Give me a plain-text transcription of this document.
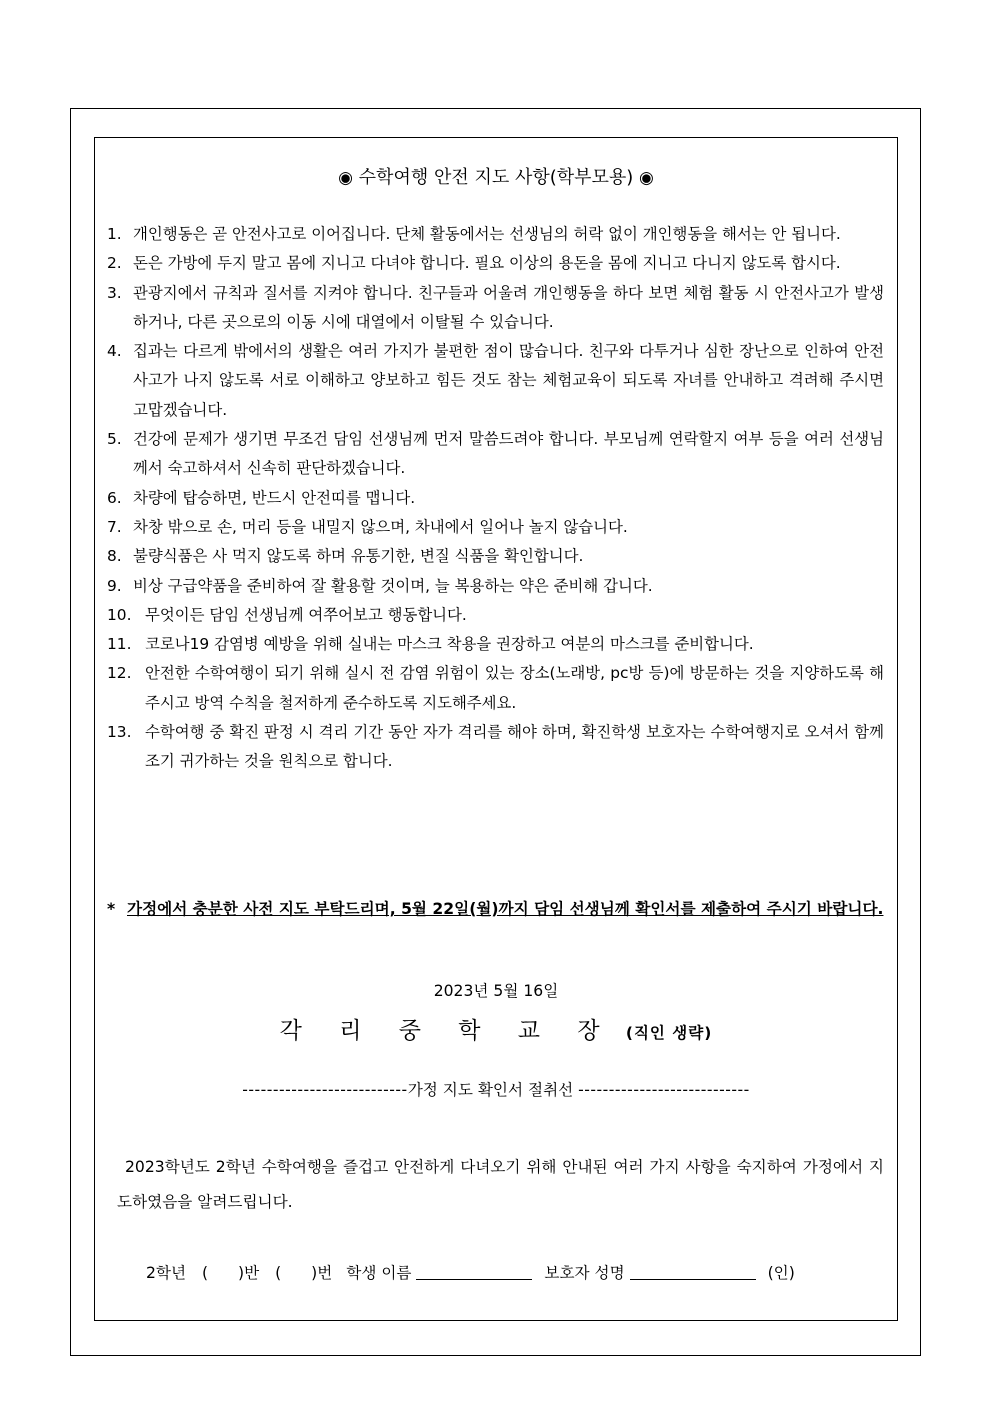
◉ 수학여행 안전 지도 사항(학부모용) ◉
1. 개인행동은 곧 안전사고로 이어집니다. 단체 활동에서는 선생님의 허락 없이 개인행동을 해서는 안 됩니다.
2. 돈은 가방에 두지 말고 몸에 지니고 다녀야 합니다. 필요 이상의 용돈을 몸에 지니고 다니지 않도록 합시다.
3. 관광지에서 규칙과 질서를 지켜야 합니다. 친구들과 어울려 개인행동을 하다 보면 체험 활동 시 안전사고가 발생하거나, 다른 곳으로의 이동 시에 대열에서 이탈될 수 있습니다.
4. 집과는 다르게 밖에서의 생활은 여러 가지가 불편한 점이 많습니다. 친구와 다투거나 심한 장난으로 인하여 안전사고가 나지 않도록 서로 이해하고 양보하고 힘든 것도 참는 체험교육이 되도록 자녀를 안내하고 격려해 주시면 고맙겠습니다.
5. 건강에 문제가 생기면 무조건 담임 선생님께 먼저 말씀드려야 합니다. 부모님께 연락할지 여부 등을 여러 선생님께서 숙고하셔서 신속히 판단하겠습니다.
6. 차량에 탑승하면, 반드시 안전띠를 맵니다.
7. 차창 밖으로 손, 머리 등을 내밀지 않으며, 차내에서 일어나 놀지 않습니다.
8. 불량식품은 사 먹지 않도록 하며 유통기한, 변질 식품을 확인합니다.
9. 비상 구급약품을 준비하여 잘 활용할 것이며, 늘 복용하는 약은 준비해 갑니다.
10. 무엇이든 담임 선생님께 여쭈어보고 행동합니다.
11. 코로나19 감염병 예방을 위해 실내는 마스크 착용을 권장하고 여분의 마스크를 준비합니다.
12. 안전한 수학여행이 되기 위해 실시 전 감염 위험이 있는 장소(노래방, pc방 등)에 방문하는 것을 지양하도록 해주시고 방역 수칙을 철저하게 준수하도록 지도해주세요.
13. 수학여행 중 확진 판정 시 격리 기간 동안 자가 격리를 해야 하며, 확진학생 보호자는 수학여행지로 오셔서 함께 조기 귀가하는 것을 원칙으로 합니다.
* 가정에서 충분한 사전 지도 부탁드리며, 5월 22일(월)까지 담임 선생님께 확인서를 제출하여 주시기 바랍니다.
2023년 5월 16일
각 리 중 학 교 장 (직인 생략)
---------------------------가정 지도 확인서 절취선 ----------------------------
2023학년도 2학년 수학여행을 즐겁고 안전하게 다녀오기 위해 안내된 여러 가지 사항을 숙지하여 가정에서 지도하였음을 알려드립니다.
2학년 ( )반 ( )번 학생 이름	보호자 성명	(인)
